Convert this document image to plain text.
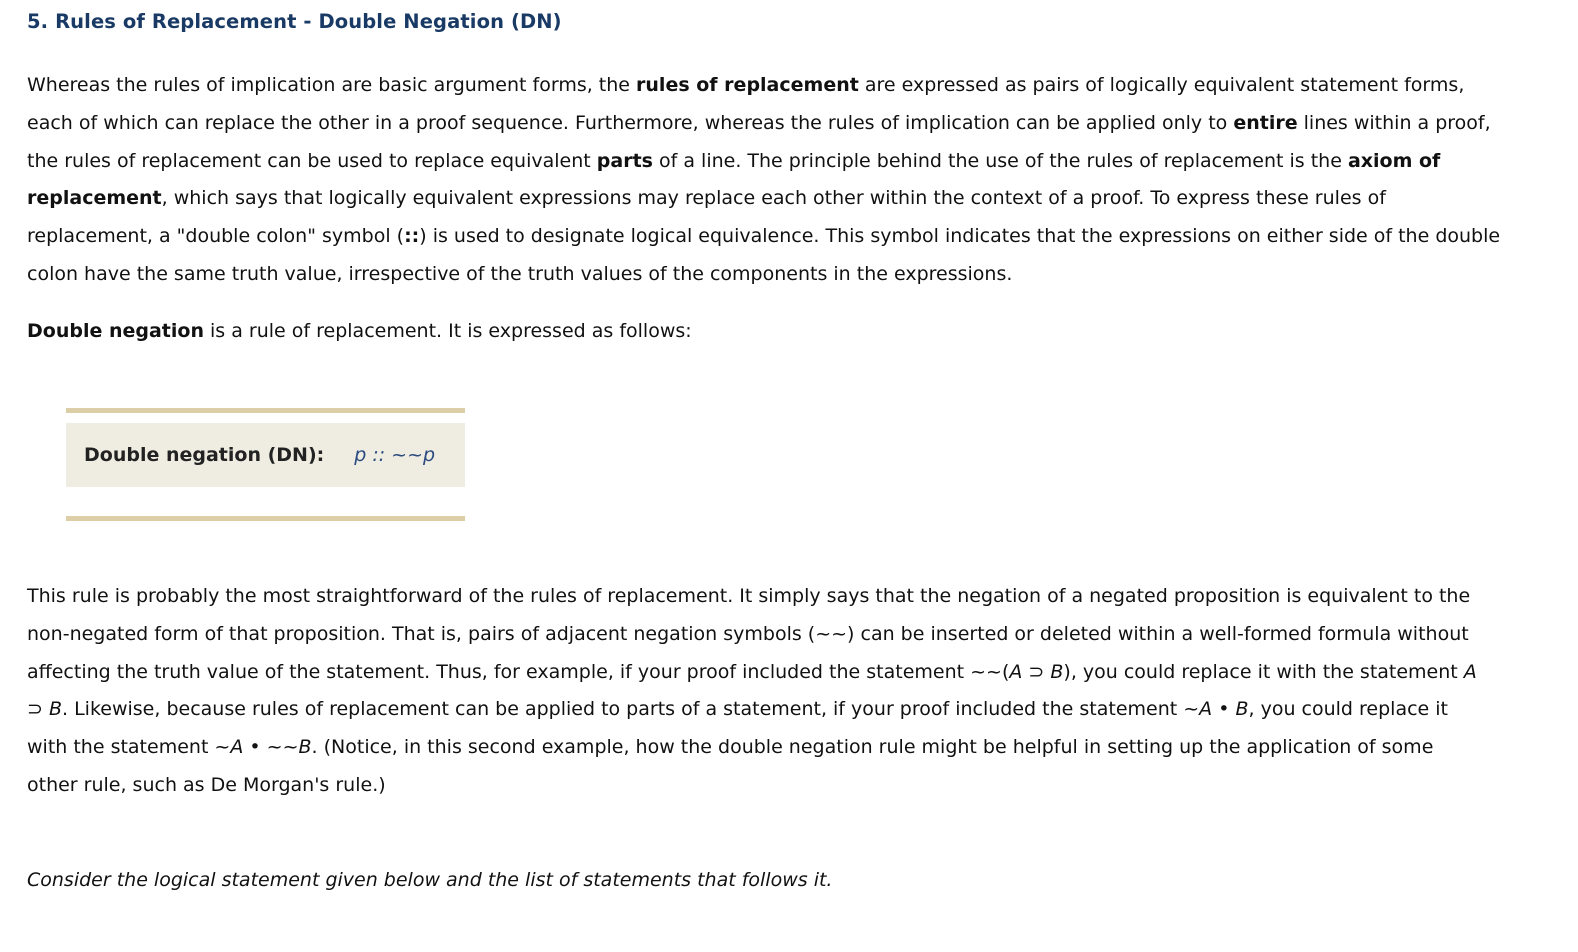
5. Rules of Replacement - Double Negation (DN)

Whereas the rules of implication are basic argument forms, the rules of replacement are expressed as pairs of logically equivalent statement forms, each of which can replace the other in a proof sequence. Furthermore, whereas the rules of implication can be applied only to entire lines within a proof, the rules of replacement can be used to replace equivalent parts of a line. The principle behind the use of the rules of replacement is the axiom of replacement, which says that logically equivalent expressions may replace each other within the context of a proof. To express these rules of replacement, a "double colon" symbol (::) is used to designate logical equivalence. This symbol indicates that the expressions on either side of the double colon have the same truth value, irrespective of the truth values of the components in the expressions.

Double negation is a rule of replacement. It is expressed as follows:

Double negation (DN): p :: ~~p

This rule is probably the most straightforward of the rules of replacement. It simply says that the negation of a negated proposition is equivalent to the non-negated form of that proposition. That is, pairs of adjacent negation symbols (~~) can be inserted or deleted within a well-formed formula without affecting the truth value of the statement. Thus, for example, if your proof included the statement ~~(A ⊃ B), you could replace it with the statement A ⊃ B. Likewise, because rules of replacement can be applied to parts of a statement, if your proof included the statement ~A • B, you could replace it with the statement ~A • ~~B. (Notice, in this second example, how the double negation rule might be helpful in setting up the application of some other rule, such as De Morgan's rule.)

Consider the logical statement given below and the list of statements that follows it.
